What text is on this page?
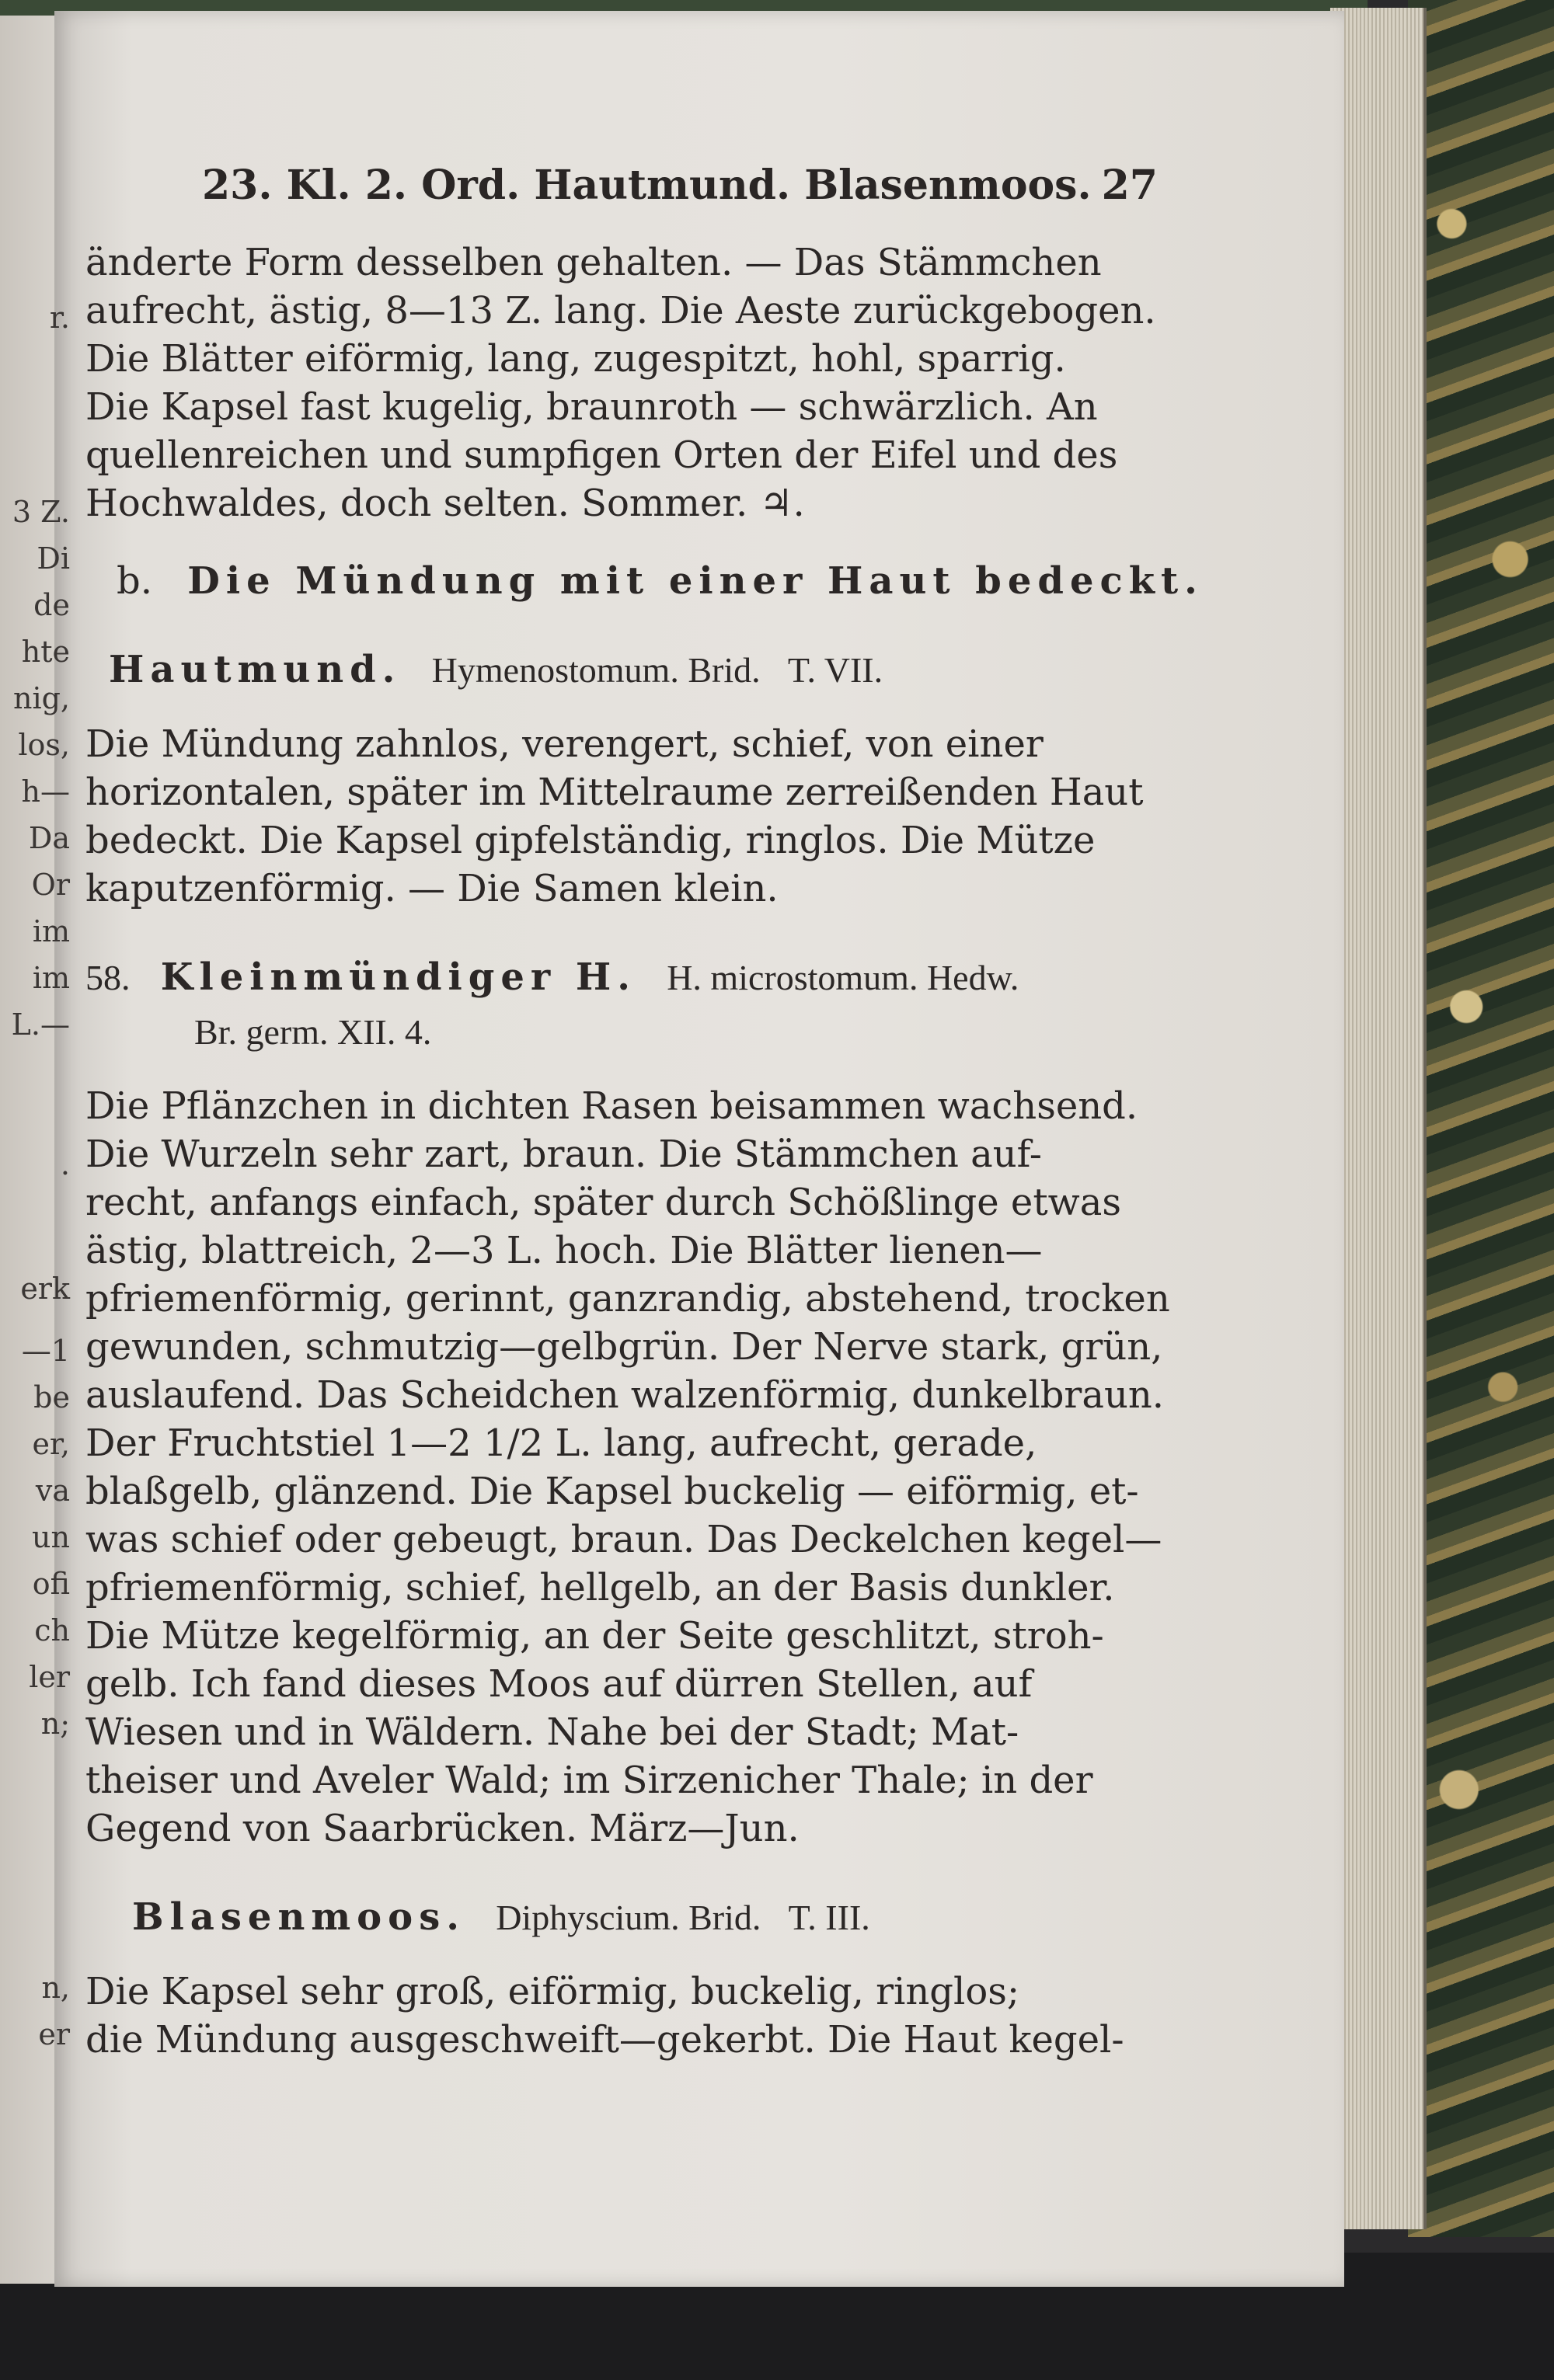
r.
3 Z.
Di
de
hte
nig,
los,
h—
Da
Or
im
im
L.—
.
erk
—1
be
er,
va
un
ofi
ch
ler
n;
n,
er
23. Kl. 2. Ord. Hautmund. Blasenmoos. 27
änderte Form desselben gehalten. — Das Stämmchen
aufrecht, ästig, 8—13 Z. lang. Die Aeste zurückgebogen.
Die Blätter eiförmig, lang, zugespitzt, hohl, sparrig.
Die Kapsel fast kugelig, braunroth — schwärzlich. An
quellenreichen und sumpfigen Orten der Eifel und des
Hochwaldes, doch selten. Sommer. ♃.
b. Die Mündung mit einer Haut bedeckt.
Hautmund. Hymenostomum. Brid. T. VII.
Die Mündung zahnlos, verengert, schief, von einer
horizontalen, später im Mittelraume zerreißenden Haut
bedeckt. Die Kapsel gipfelständig, ringlos. Die Mütze
kaputzenförmig. — Die Samen klein.
58. Kleinmündiger H. H. microstomum. Hedw.
Br. germ. XII. 4.
Die Pflänzchen in dichten Rasen beisammen wachsend.
Die Wurzeln sehr zart, braun. Die Stämmchen auf-
recht, anfangs einfach, später durch Schößlinge etwas
ästig, blattreich, 2—3 L. hoch. Die Blätter lienen—
pfriemenförmig, gerinnt, ganzrandig, abstehend, trocken
gewunden, schmutzig—gelbgrün. Der Nerve stark, grün,
auslaufend. Das Scheidchen walzenförmig, dunkelbraun.
Der Fruchtstiel 1—2 1/2 L. lang, aufrecht, gerade,
blaßgelb, glänzend. Die Kapsel buckelig — eiförmig, et-
was schief oder gebeugt, braun. Das Deckelchen kegel—
pfriemenförmig, schief, hellgelb, an der Basis dunkler.
Die Mütze kegelförmig, an der Seite geschlitzt, stroh-
gelb. Ich fand dieses Moos auf dürren Stellen, auf
Wiesen und in Wäldern. Nahe bei der Stadt; Mat-
theiser und Aveler Wald; im Sirzenicher Thale; in der
Gegend von Saarbrücken. März—Jun.
Blasenmoos. Diphyscium. Brid. T. III.
Die Kapsel sehr groß, eiförmig, buckelig, ringlos;
die Mündung ausgeschweift—gekerbt. Die Haut kegel-
